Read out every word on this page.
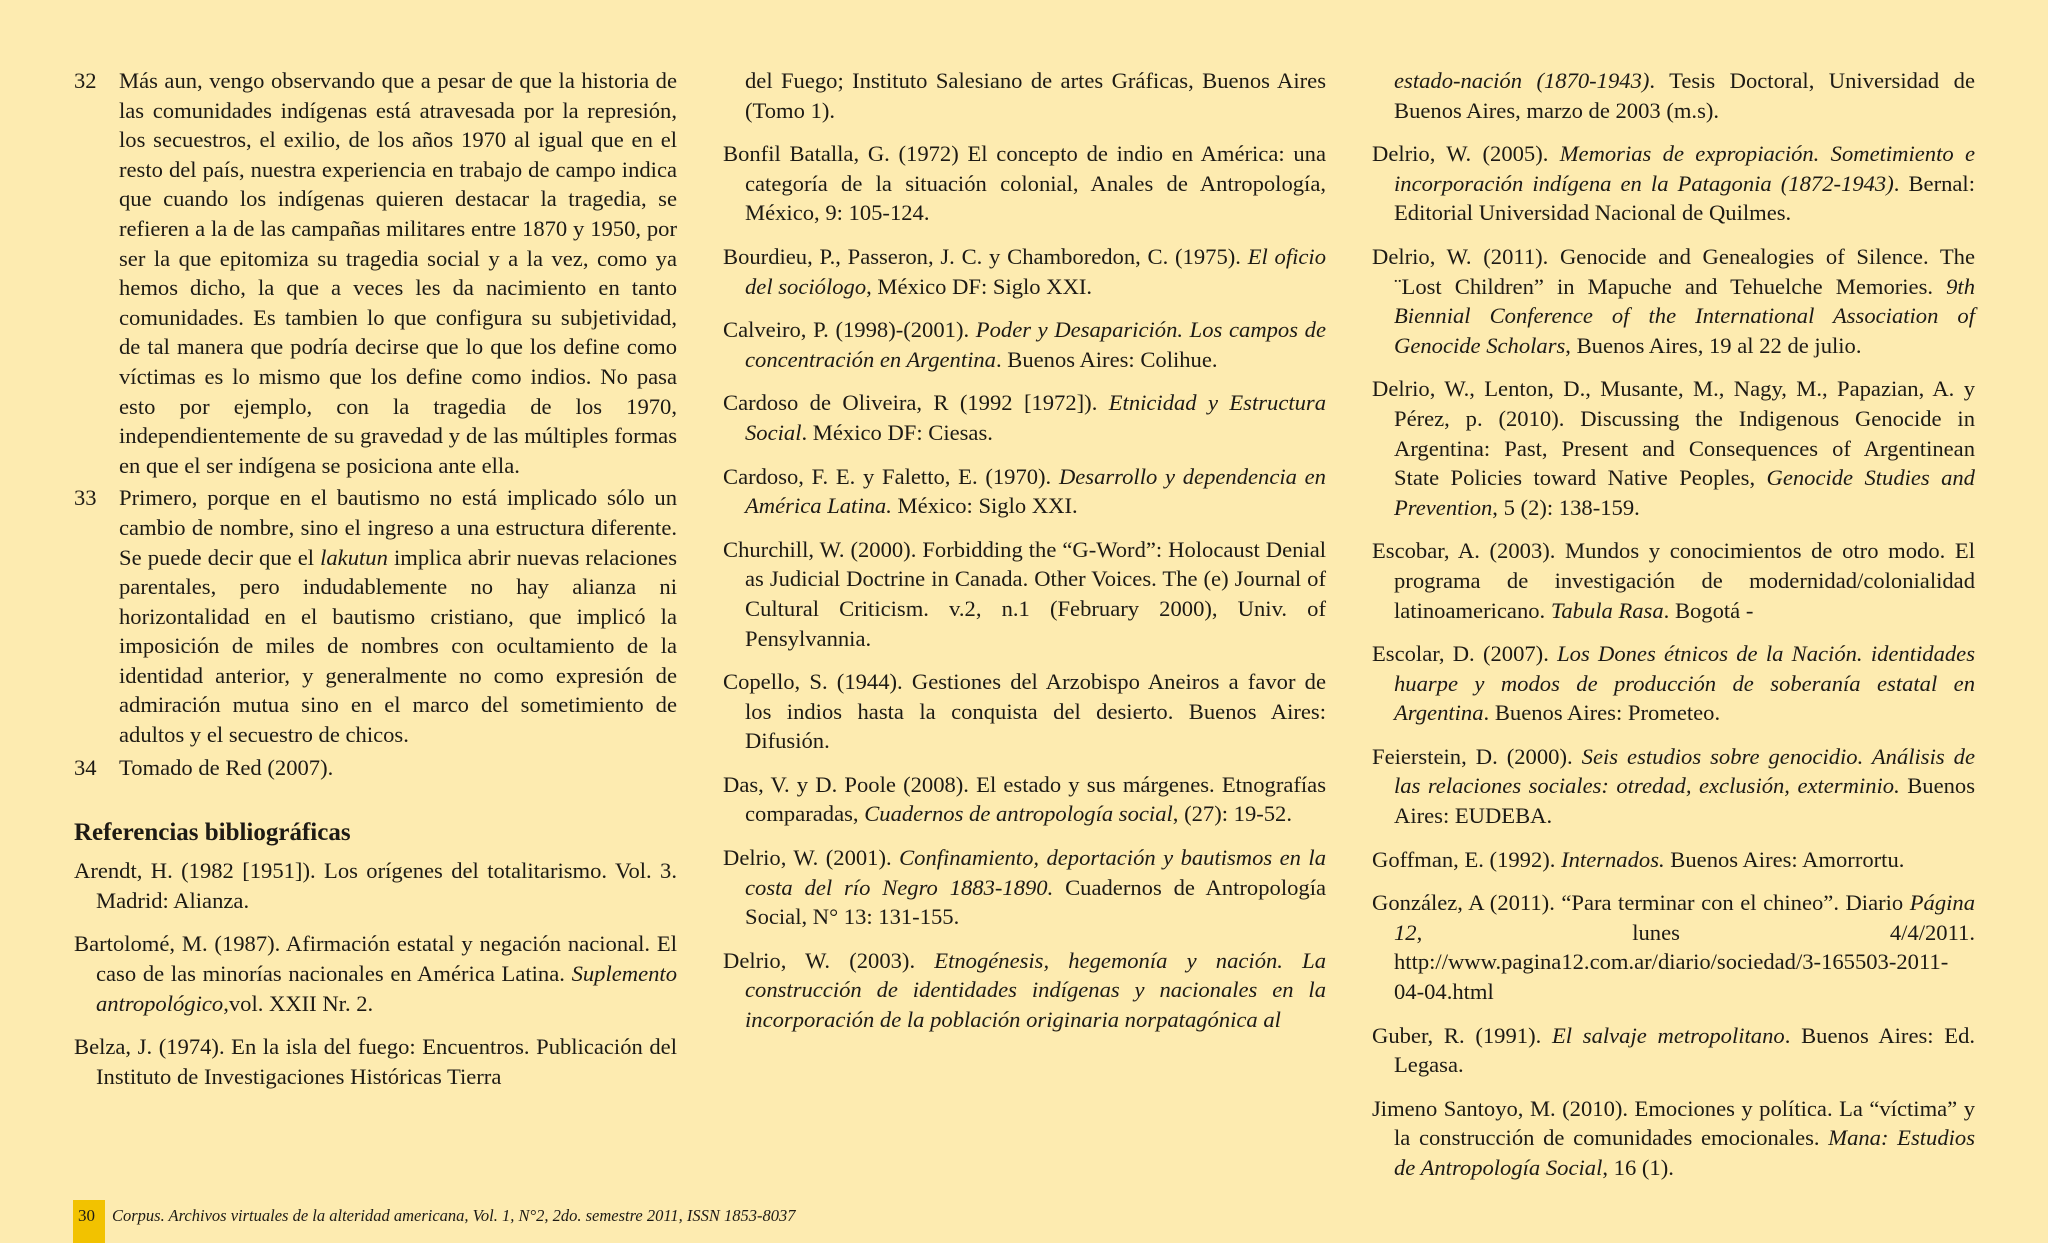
32 Más aun, vengo observando que a pesar de que la historia de las comunidades indígenas está atravesada por la represión, los secuestros, el exilio, de los años 1970 al igual que en el resto del país, nuestra experiencia en trabajo de campo indica que cuando los indígenas quieren destacar la tragedia, se refieren a la de las campañas militares entre 1870 y 1950, por ser la que epitomiza su tragedia social y a la vez, como ya hemos dicho, la que a veces les da nacimiento en tanto comunidades. Es tambien lo que configura su subjetividad, de tal manera que podría decirse que lo que los define como víctimas es lo mismo que los define como indios. No pasa esto por ejemplo, con la tragedia de los 1970, independientemente de su gravedad y de las múltiples formas en que el ser indígena se posiciona ante ella.
33 Primero, porque en el bautismo no está implicado sólo un cambio de nombre, sino el ingreso a una estructura diferente. Se puede decir que el lakutun implica abrir nuevas relaciones parentales, pero indudablemente no hay alianza ni horizontalidad en el bautismo cristiano, que implicó la imposición de miles de nombres con ocultamiento de la identidad anterior, y generalmente no como expresión de admiración mutua sino en el marco del sometimiento de adultos y el secuestro de chicos.
34 Tomado de Red (2007).
Referencias bibliográficas
Arendt, H. (1982 [1951]). Los orígenes del totalitarismo. Vol. 3. Madrid: Alianza.
Bartolomé, M. (1987). Afirmación estatal y negación nacional. El caso de las minorías nacionales en América Latina. Suplemento antropológico,vol. XXII Nr. 2.
Belza, J. (1974). En la isla del fuego: Encuentros. Publicación del Instituto de Investigaciones Históricas Tierra
del Fuego; Instituto Salesiano de artes Gráficas, Buenos Aires (Tomo 1).
Bonfil Batalla, G. (1972) El concepto de indio en América: una categoría de la situación colonial, Anales de Antropología, México, 9: 105-124.
Bourdieu, P., Passeron, J. C. y Chamboredon, C. (1975). El oficio del sociólogo, México DF: Siglo XXI.
Calveiro, P. (1998)-(2001). Poder y Desaparición. Los campos de concentración en Argentina. Buenos Aires: Colihue.
Cardoso de Oliveira, R (1992 [1972]). Etnicidad y Estructura Social. México DF: Ciesas.
Cardoso, F. E. y Faletto, E. (1970). Desarrollo y dependencia en América Latina. México: Siglo XXI.
Churchill, W. (2000). Forbidding the “G-Word”: Holocaust Denial as Judicial Doctrine in Canada. Other Voices. The (e) Journal of Cultural Criticism. v.2, n.1 (February 2000), Univ. of Pensylvannia.
Copello, S. (1944). Gestiones del Arzobispo Aneiros a favor de los indios hasta la conquista del desierto. Buenos Aires: Difusión.
Das, V. y D. Poole (2008). El estado y sus márgenes. Etnografías comparadas, Cuadernos de antropología social, (27): 19-52.
Delrio, W. (2001). Confinamiento, deportación y bautismos en la costa del río Negro 1883-1890. Cuadernos de Antropología Social, N° 13: 131-155.
Delrio, W. (2003). Etnogénesis, hegemonía y nación. La construcción de identidades indígenas y nacionales en la incorporación de la población originaria norpatagónica al
estado-nación (1870-1943). Tesis Doctoral, Universidad de Buenos Aires, marzo de 2003 (m.s).
Delrio, W. (2005). Memorias de expropiación. Sometimiento e incorporación indígena en la Patagonia (1872-1943). Bernal: Editorial Universidad Nacional de Quilmes.
Delrio, W. (2011). Genocide and Genealogies of Silence. The ¨Lost Children” in Mapuche and Tehuelche Memories. 9th Biennial Conference of the International Association of Genocide Scholars, Buenos Aires, 19 al 22 de julio.
Delrio, W., Lenton, D., Musante, M., Nagy, M., Papazian, A. y Pérez, p. (2010). Discussing the Indigenous Genocide in Argentina: Past, Present and Consequences of Argentinean State Policies toward Native Peoples, Genocide Studies and Prevention, 5 (2): 138-159.
Escobar, A. (2003). Mundos y conocimientos de otro modo. El programa de investigación de modernidad/colonialidad latinoamericano. Tabula Rasa. Bogotá -
Escolar, D. (2007). Los Dones étnicos de la Nación. identidades huarpe y modos de producción de soberanía estatal en Argentina. Buenos Aires: Prometeo.
Feierstein, D. (2000). Seis estudios sobre genocidio. Análisis de las relaciones sociales: otredad, exclusión, exterminio. Buenos Aires: EUDEBA.
Goffman, E. (1992). Internados. Buenos Aires: Amorrortu.
González, A (2011). “Para terminar con el chineo”. Diario Página 12, lunes 4/4/2011. http://www.pagina12.com.ar/diario/sociedad/3-165503-2011-04-04.html
Guber, R. (1991). El salvaje metropolitano. Buenos Aires: Ed. Legasa.
Jimeno Santoyo, M. (2010). Emociones y política. La “víctima” y la construcción de comunidades emocionales. Mana: Estudios de Antropología Social, 16 (1).
30 Corpus. Archivos virtuales de la alteridad americana, Vol. 1, N°2, 2do. semestre 2011, ISSN 1853-8037
